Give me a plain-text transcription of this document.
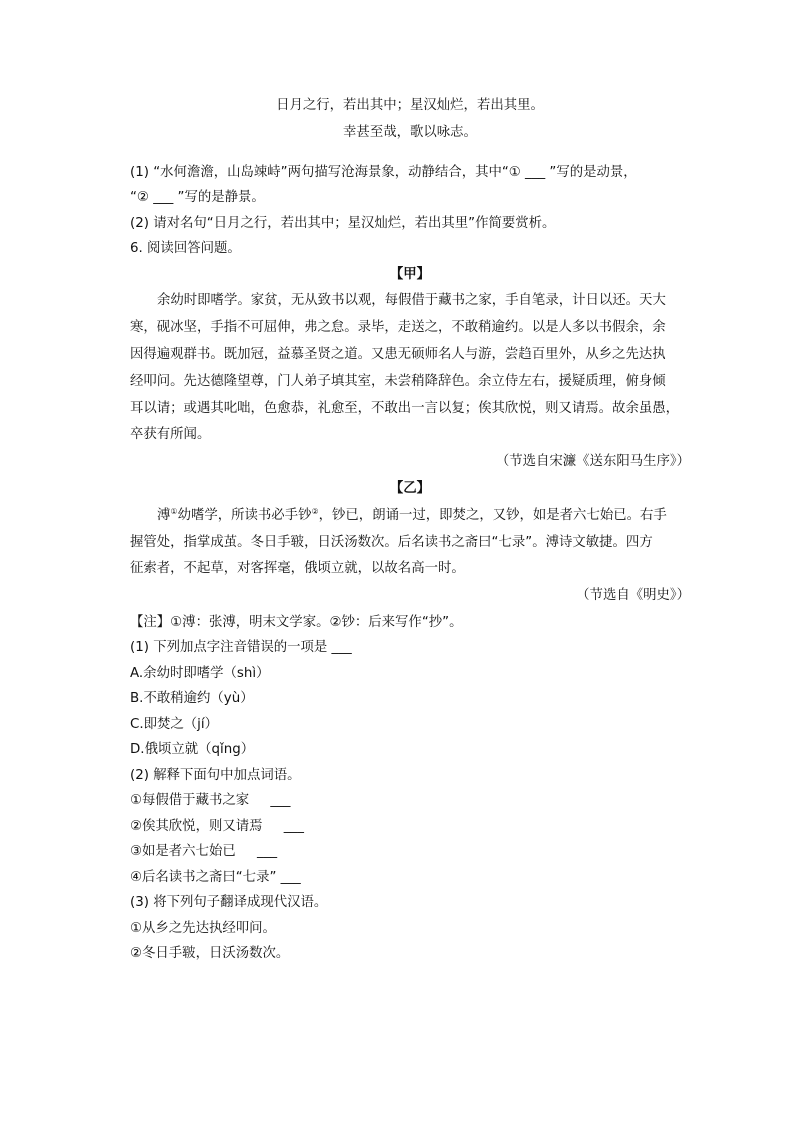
日月之行，若出其中；星汉灿烂，若出其里。
幸甚至哉，歌以咏志。
(1) “水何澹澹，山岛竦峙”两句描写沧海景象，动静结合，其中“① ___ ”写的是动景，
“② ___ ”写的是静景。
(2) 请对名句“日月之行，若出其中；星汉灿烂，若出其里”作简要赏析。
6. 阅读回答问题。
【甲】
余幼时即嗜学。家贫，无从致书以观，每假借于藏书之家，手自笔录，计日以还。天大
寒，砚冰坚，手指不可屈伸，弗之怠。录毕，走送之，不敢稍逾约。以是人多以书假余，余
因得遍观群书。既加冠，益慕圣贤之道。又患无硕师名人与游，尝趋百里外，从乡之先达执
经叩问。先达德隆望尊，门人弟子填其室，未尝稍降辞色。余立侍左右，援疑质理，俯身倾
耳以请；或遇其叱咄，色愈恭，礼愈至，不敢出一言以复；俟其欣悦，则又请焉。故余虽愚，
卒获有所闻。
（节选自宋濂《送东阳马生序》）
【乙】
溥①幼嗜学，所读书必手钞②，钞已，朗诵一过，即焚之，又钞，如是者六七始已。右手
握管处，指掌成茧。冬日手皲，日沃汤数次。后名读书之斋曰“七录”。溥诗文敏捷。四方
征索者，不起草，对客挥毫，俄顷立就，以故名高一时。
（节选自《明史》）
【注】①溥：张溥，明末文学家。②钞：后来写作“抄”。
(1) 下列加点字注音错误的一项是 ___
A.余幼时即嗜学（shì）
B.不敢稍逾约（yù）
C.即焚之（jí）
D.俄顷立就（qǐng）
(2) 解释下面句中加点词语。
①每假借于藏书之家     ___
②俟其欣悦，则又请焉     ___
③如是者六七始已     ___
④后名读书之斋曰“七录” ___
(3) 将下列句子翻译成现代汉语。
①从乡之先达执经叩问。
②冬日手皲，日沃汤数次。
